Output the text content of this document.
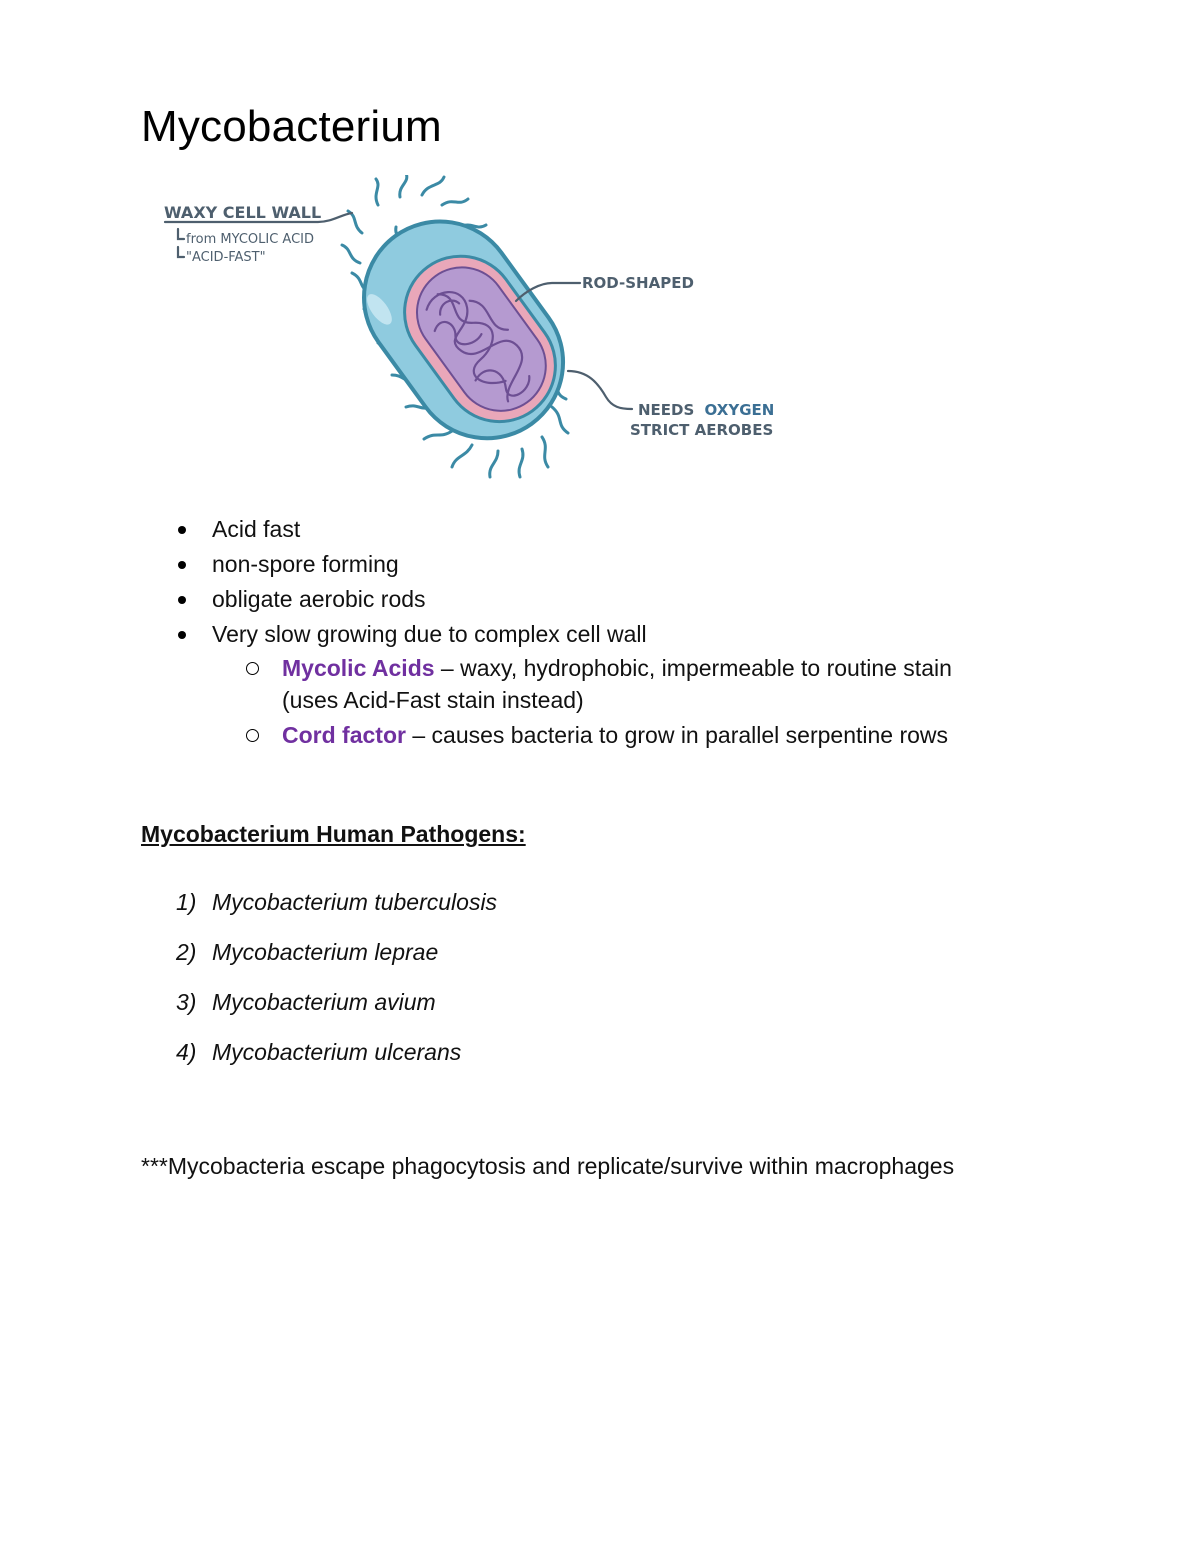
Mycobacterium
WAXY CELL WALL
from MYCOLIC ACID
"ACID-FAST"
ROD-SHAPED
NEEDS OXYGEN
STRICT AEROBES
Acid fast
non-spore forming
obligate aerobic rods
Very slow growing due to complex cell wall
Mycolic Acids – waxy, hydrophobic, impermeable to routine stain
(uses Acid-Fast stain instead)
Cord factor – causes bacteria to grow in parallel serpentine rows
Mycobacterium Human Pathogens:
1) Mycobacterium tuberculosis
2) Mycobacterium leprae
3) Mycobacterium avium
4) Mycobacterium ulcerans

***Mycobacteria escape phagocytosis and replicate/survive within macrophages
